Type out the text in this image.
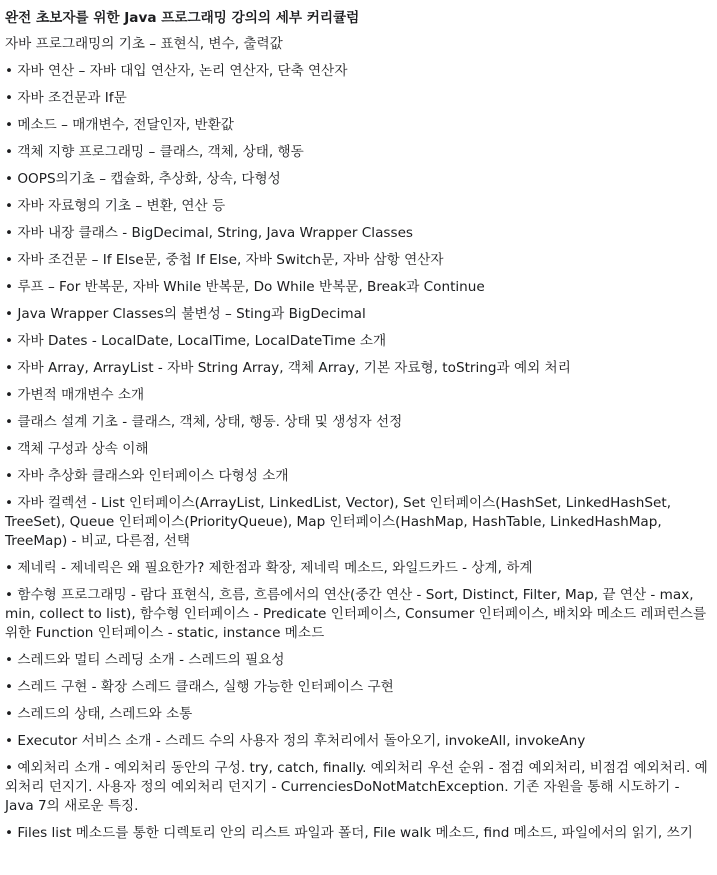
완전 초보자를 위한 Java 프로그래밍 강의의 세부 커리큘럼
자바 프로그래밍의 기초 – 표현식, 변수, 출력값
• 자바 연산 – 자바 대입 연산자, 논리 연산자, 단축 연산자
• 자바 조건문과 If문
• 메소드 – 매개변수, 전달인자, 반환값
• 객체 지향 프로그래밍 – 클래스, 객체, 상태, 행동
• OOPS의기초 – 캡슐화, 추상화, 상속, 다형성
• 자바 자료형의 기초 – 변환, 연산 등
• 자바 내장 클래스 - BigDecimal, String, Java Wrapper Classes
• 자바 조건문 – If Else문, 중첩 If Else, 자바 Switch문, 자바 삼항 연산자
• 루프 – For 반복문, 자바 While 반복문, Do While 반복문, Break과 Continue
• Java Wrapper Classes의 불변성 – Sting과 BigDecimal
• 자바 Dates - LocalDate, LocalTime, LocalDateTime 소개
• 자바 Array, ArrayList - 자바 String Array, 객체 Array, 기본 자료형, toString과 예외 처리
• 가변적 매개변수 소개
• 클래스 설계 기초 - 클래스, 객체, 상태, 행동. 상태 및 생성자 선정
• 객체 구성과 상속 이해
• 자바 추상화 클래스와 인터페이스 다형성 소개
• 자바 컬렉션 - List 인터페이스(ArrayList, LinkedList, Vector), Set 인터페이스(HashSet, LinkedHashSet, TreeSet), Queue 인터페이스(PriorityQueue), Map 인터페이스(HashMap, HashTable, LinkedHashMap, TreeMap) - 비교, 다른점, 선택
• 제네릭 - 제네릭은 왜 필요한가? 제한점과 확장, 제네릭 메소드, 와일드카드 - 상계, 하계
• 함수형 프로그래밍 - 람다 표현식, 흐름, 흐름에서의 연산(중간 연산 - Sort, Distinct, Filter, Map, 끝 연산 - max, min, collect to list), 함수형 인터페이스 - Predicate 인터페이스, Consumer 인터페이스, 배치와 메소드 레퍼런스를 위한 Function 인터페이스 - static, instance 메소드
• 스레드와 멀티 스레딩 소개 - 스레드의 필요성
• 스레드 구현 - 확장 스레드 클래스, 실행 가능한 인터페이스 구현
• 스레드의 상태, 스레드와 소통
• Executor 서비스 소개 - 스레드 수의 사용자 정의 후처리에서 돌아오기, invokeAll, invokeAny
• 예외처리 소개 - 예외처리 동안의 구성. try, catch, finally. 예외처리 우선 순위 - 점검 예외처리, 비점검 예외처리. 예외처리 던지기. 사용자 정의 예외처리 던지기 - CurrenciesDoNotMatchException. 기존 자원을 통해 시도하기 - Java 7의 새로운 특징.
• Files list 메소드를 통한 디렉토리 안의 리스트 파일과 폴더, File walk 메소드, find 메소드, 파일에서의 읽기, 쓰기
